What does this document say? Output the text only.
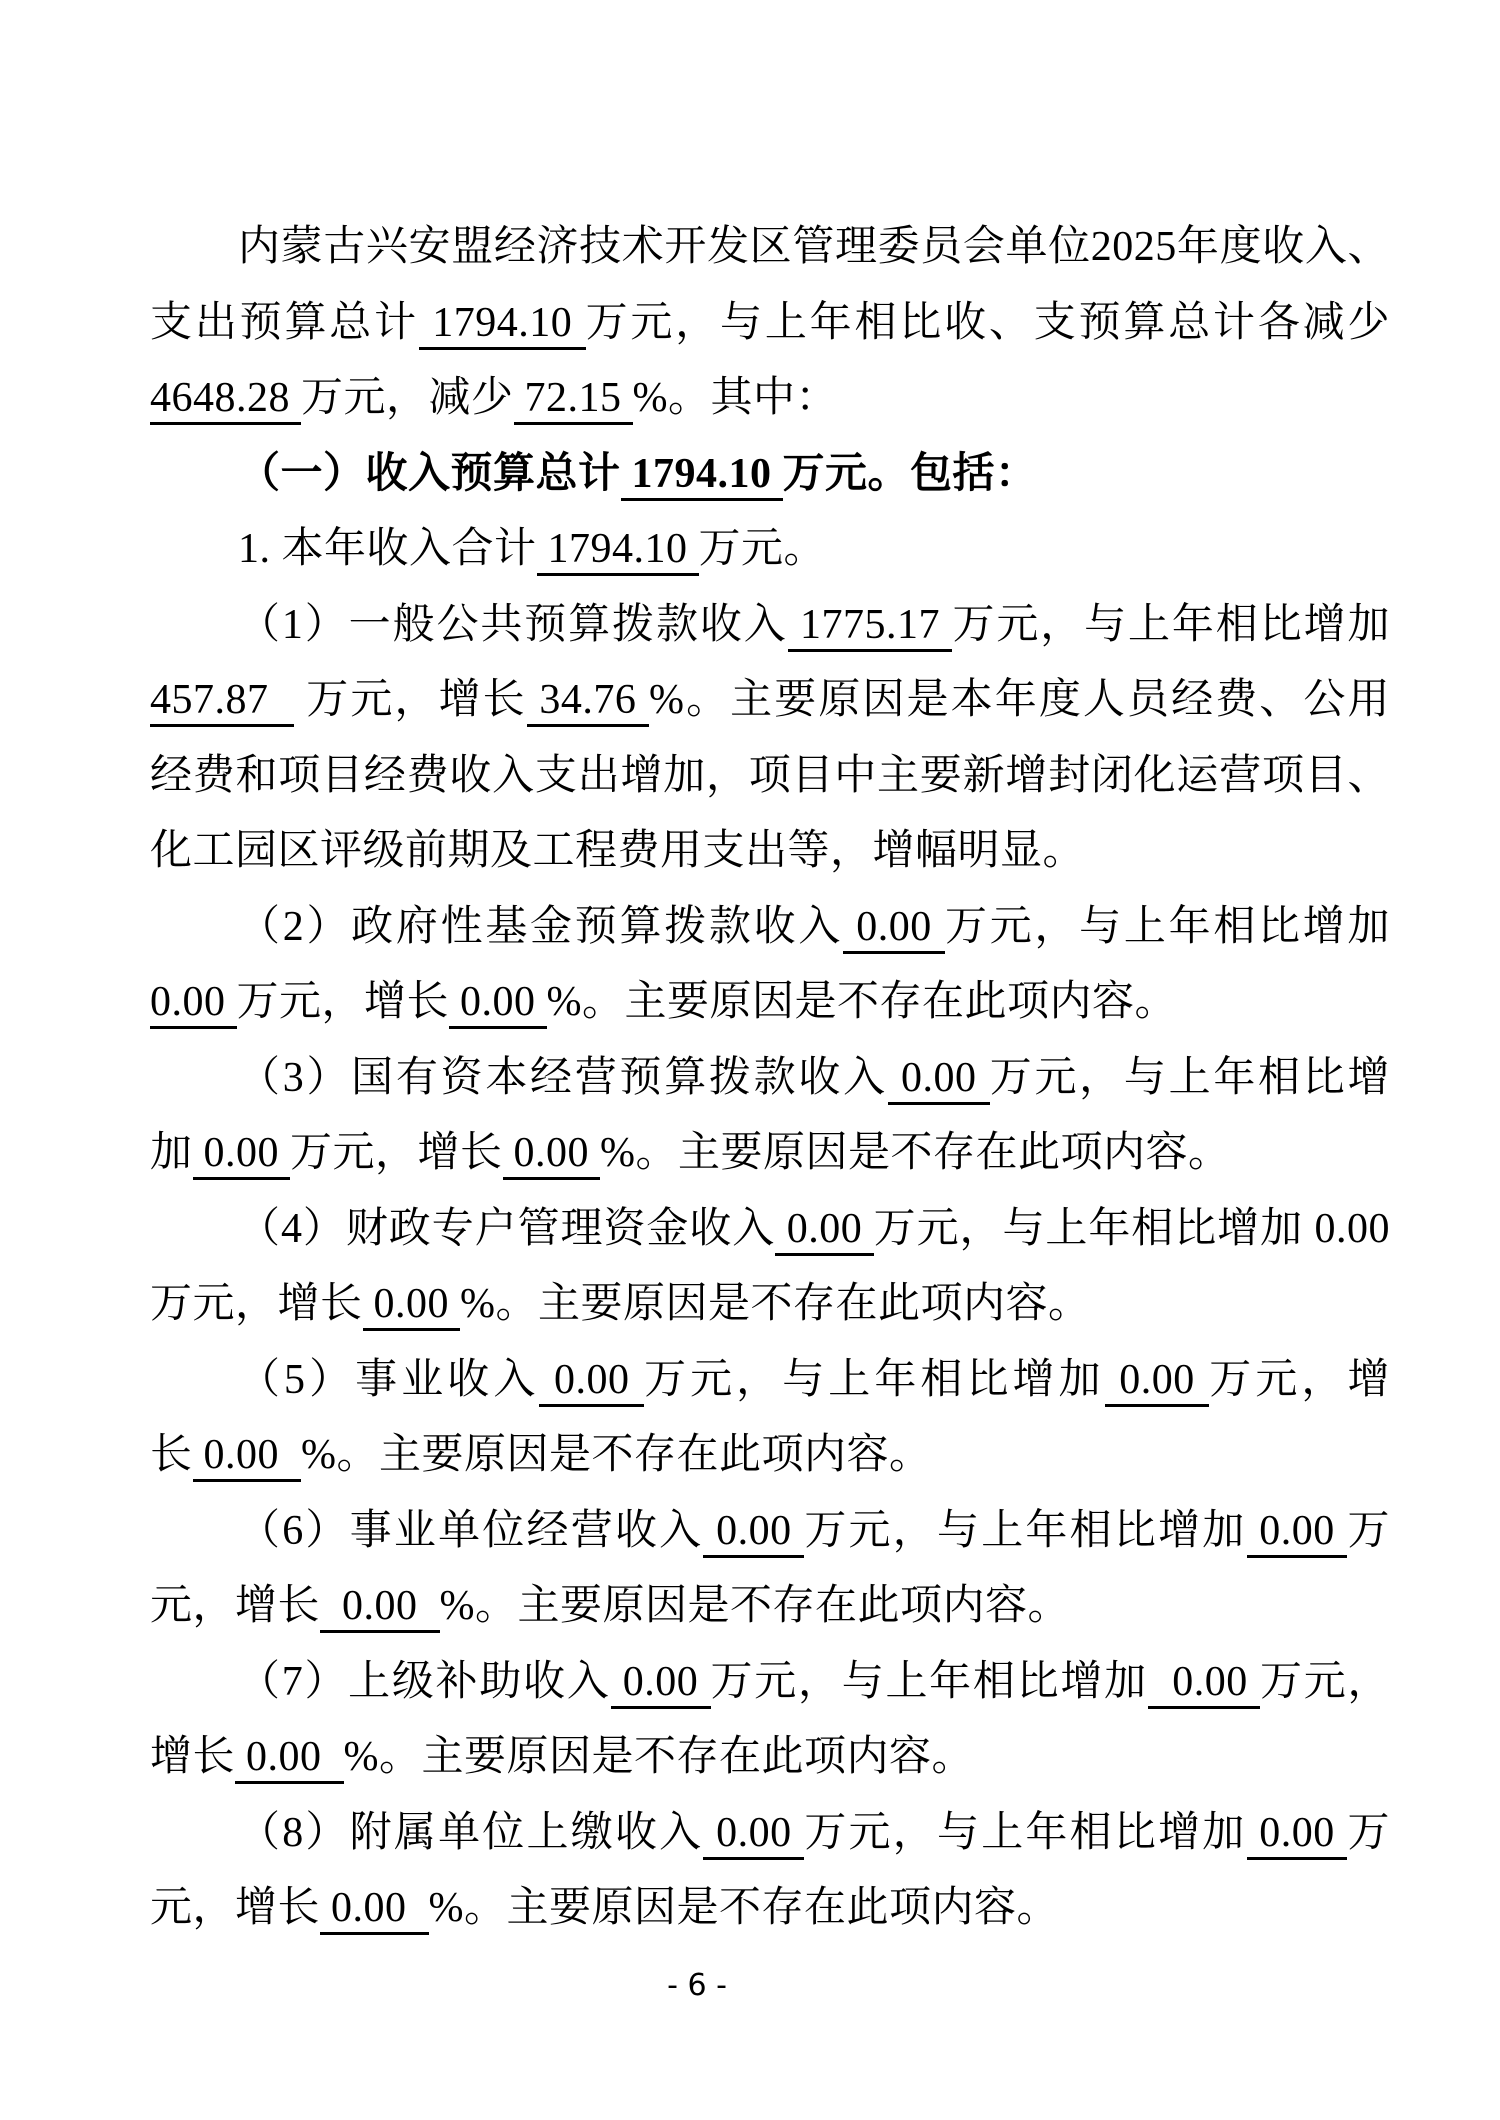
内蒙古兴安盟经济技术开发区管理委员会单位2025年度收入、
支出预算总计 1794.10 万元，与上年相比收、支预算总计各减少
4648.28 万元，减少 72.15 %。其中：
（一）收入预算总计 1794.10 万元。包括：
1. 本年收入合计 1794.10 万元。
（1）一般公共预算拨款收入 1775.17 万元，与上年相比增加
457.87   万元，增长 34.76 %。主要原因是本年度人员经费、公用
经费和项目经费收入支出增加，项目中主要新增封闭化运营项目、
化工园区评级前期及工程费用支出等，增幅明显。
（2）政府性基金预算拨款收入 0.00 万元，与上年相比增加
0.00 万元，增长 0.00 %。主要原因是不存在此项内容。
（3）国有资本经营预算拨款收入 0.00 万元，与上年相比增
加 0.00 万元，增长 0.00 %。主要原因是不存在此项内容。
（4）财政专户管理资金收入 0.00 万元，与上年相比增加 0.00
万元，增长 0.00 %。主要原因是不存在此项内容。
（5）事业收入 0.00 万元，与上年相比增加 0.00 万元，增
长 0.00  %。主要原因是不存在此项内容。
（6）事业单位经营收入 0.00 万元，与上年相比增加 0.00 万
元，增长  0.00  %。主要原因是不存在此项内容。
（7）上级补助收入 0.00 万元，与上年相比增加  0.00 万元，
增长 0.00  %。主要原因是不存在此项内容。
（8）附属单位上缴收入 0.00 万元，与上年相比增加 0.00 万
元，增长 0.00  %。主要原因是不存在此项内容。
- 6 -
